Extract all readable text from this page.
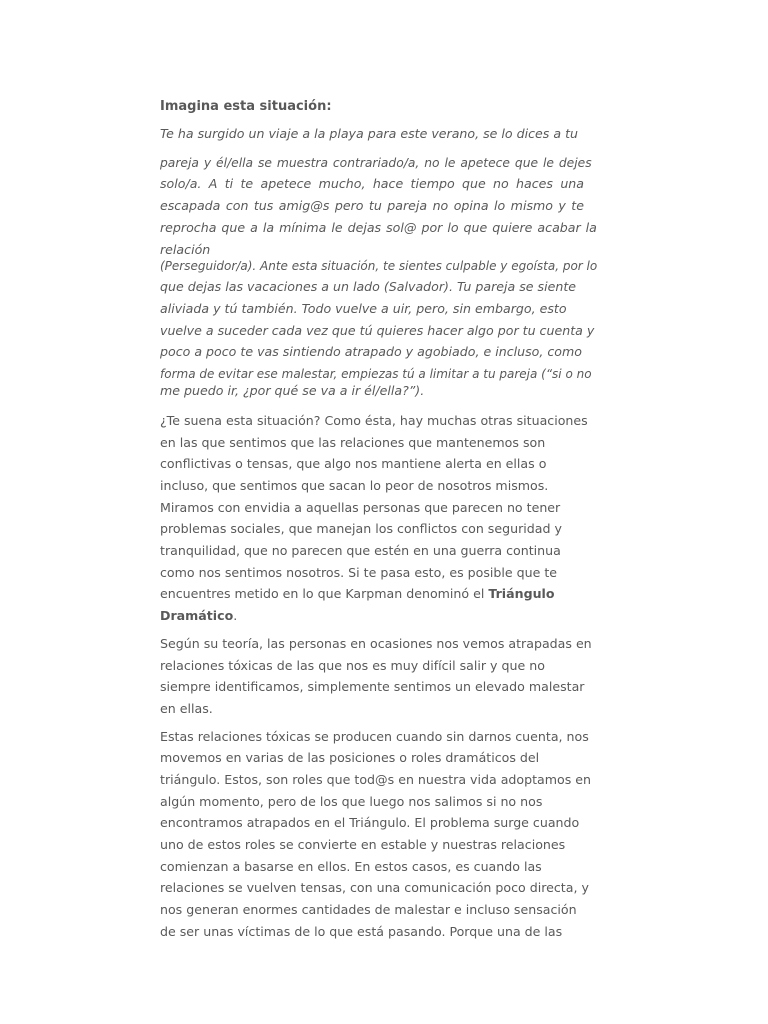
Imagina esta situación:
Te ha surgido un viaje a la playa para este verano, se lo dices a tu
pareja y él/ella se muestra contrariado/a, no le apetece que le dejes
solo/a. A ti te apetece mucho, hace tiempo que no haces una
escapada con tus amig@s pero tu pareja no opina lo mismo y te
reprocha que a la mínima le dejas sol@ por lo que quiere acabar la
relación
(Perseguidor/a). Ante esta situación, te sientes culpable y egoísta, por lo
que dejas las vacaciones a un lado (Salvador). Tu pareja se siente
aliviada y tú también. Todo vuelve a uir, pero, sin embargo, esto
vuelve a suceder cada vez que tú quieres hacer algo por tu cuenta y
poco a poco te vas sintiendo atrapado y agobiado, e incluso, como
forma de evitar ese malestar, empiezas tú a limitar a tu pareja (“si o no
me puedo ir, ¿por qué se va a ir él/ella?”).
¿Te suena esta situación? Como ésta, hay muchas otras situaciones
en las que sentimos que las relaciones que mantenemos son
conflictivas o tensas, que algo nos mantiene alerta en ellas o
incluso, que sentimos que sacan lo peor de nosotros mismos.
Miramos con envidia a aquellas personas que parecen no tener
problemas sociales, que manejan los conflictos con seguridad y
tranquilidad, que no parecen que estén en una guerra continua
como nos sentimos nosotros. Si te pasa esto, es posible que te
encuentres metido en lo que Karpman denominó el Triángulo
Dramático.
Según su teoría, las personas en ocasiones nos vemos atrapadas en
relaciones tóxicas de las que nos es muy difícil salir y que no
siempre identificamos, simplemente sentimos un elevado malestar
en ellas.
Estas relaciones tóxicas se producen cuando sin darnos cuenta, nos
movemos en varias de las posiciones o roles dramáticos del
triángulo. Estos, son roles que tod@s en nuestra vida adoptamos en
algún momento, pero de los que luego nos salimos si no nos
encontramos atrapados en el Triángulo. El problema surge cuando
uno de estos roles se convierte en estable y nuestras relaciones
comienzan a basarse en ellos. En estos casos, es cuando las
relaciones se vuelven tensas, con una comunicación poco directa, y
nos generan enormes cantidades de malestar e incluso sensación
de ser unas víctimas de lo que está pasando. Porque una de las
